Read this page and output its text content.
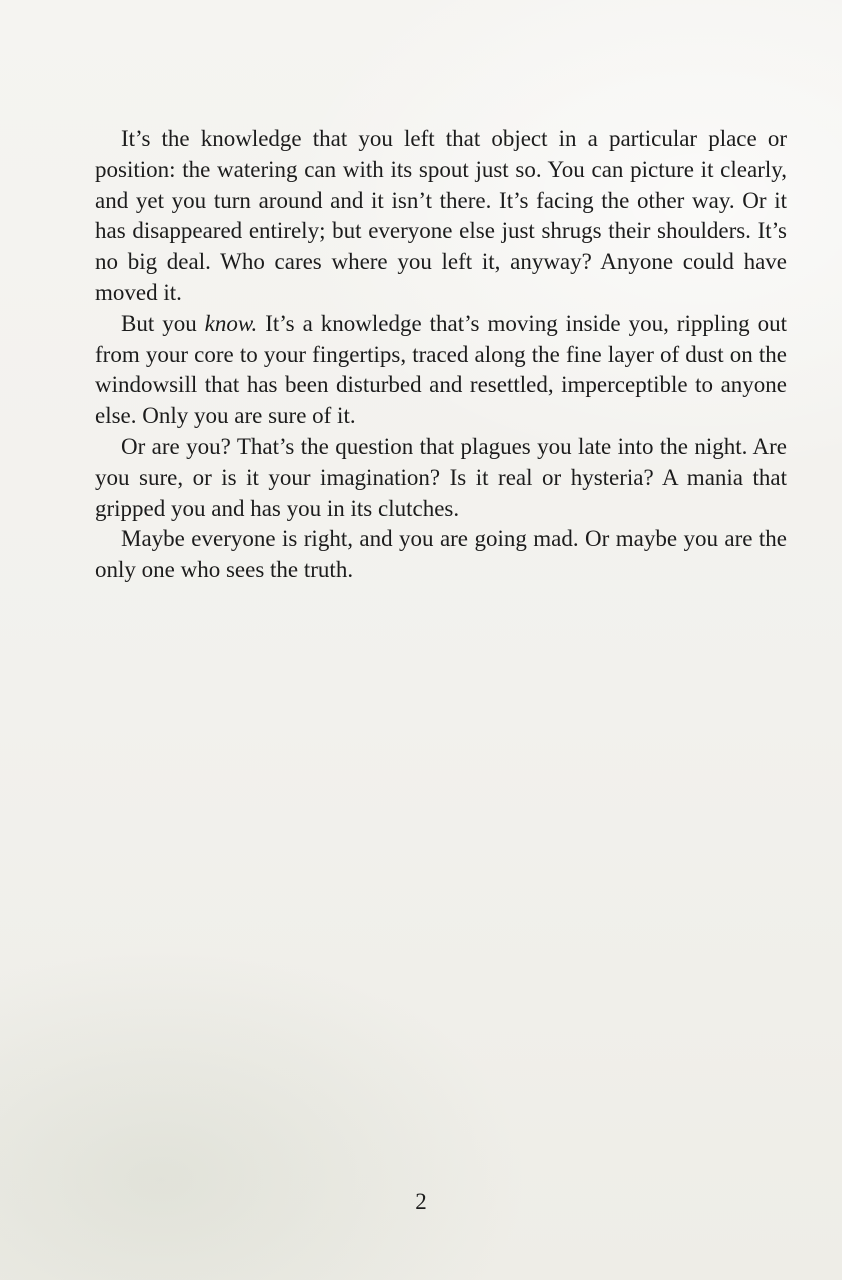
It’s the knowledge that you left that object in a particular place or position: the watering can with its spout just so. You can picture it clearly, and yet you turn around and it isn’t there. It’s facing the other way. Or it has disappeared entirely; but everyone else just shrugs their shoulders. It’s no big deal. Who cares where you left it, anyway? Anyone could have moved it.

But you know. It’s a knowledge that’s moving inside you, rippling out from your core to your fingertips, traced along the fine layer of dust on the windowsill that has been disturbed and resettled, imperceptible to anyone else. Only you are sure of it.

Or are you? That’s the question that plagues you late into the night. Are you sure, or is it your imagination? Is it real or hysteria? A mania that gripped you and has you in its clutches.

Maybe everyone is right, and you are going mad. Or maybe you are the only one who sees the truth.

2
